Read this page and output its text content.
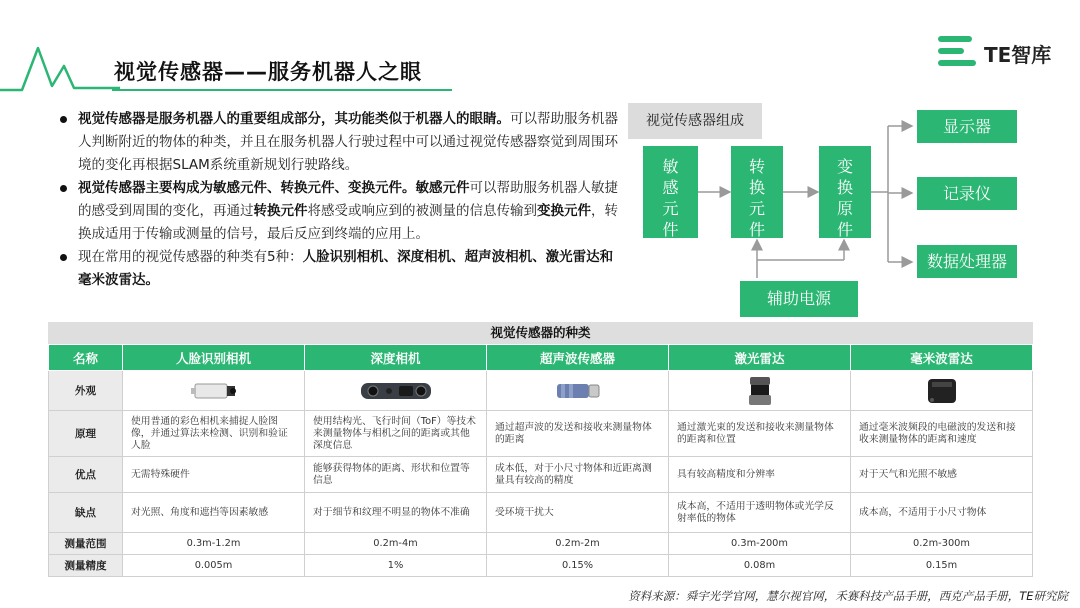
视觉传感器——服务机器人之眼
TE智库
视觉传感器是服务机器人的重要组成部分，其功能类似于机器人的眼睛。可以帮助服务机器人判断附近的物体的种类，并且在服务机器人行驶过程中可以通过视觉传感器察觉到周围环境的变化再根据SLAM系统重新规划行驶路线。
视觉传感器主要构成为敏感元件、转换元件、变换元件。敏感元件可以帮助服务机器人敏捷的感受到周围的变化，再通过转换元件将感受或响应到的被测量的信息传输到变换元件，转换成适用于传输或测量的信号，最后反应到终端的应用上。
现在常用的视觉传感器的种类有5种：人脸识别相机、深度相机、超声波相机、激光雷达和毫米波雷达。
视觉传感器组成
敏感元件
转换元件
变换原件
辅助电源
显示器
记录仪
数据处理器
视觉传感器的种类
名称	人脸识别相机	深度相机	超声波传感器	激光雷达	毫米波雷达
外观					
原理	使用普通的彩色相机来捕捉人脸图像，并通过算法来检测、识别和验证人脸	使用结构光、飞行时间（ToF）等技术来测量物体与相机之间的距离或其他深度信息	通过超声波的发送和接收来测量物体的距离	通过激光束的发送和接收来测量物体的距离和位置	通过毫米波频段的电磁波的发送和接收来测量物体的距离和速度
优点	无需特殊硬件	能够获得物体的距离、形状和位置等信息	成本低，对于小尺寸物体和近距离测量具有较高的精度	具有较高精度和分辨率	对于天气和光照不敏感
缺点	对光照、角度和遮挡等因素敏感	对于细节和纹理不明显的物体不准确	受环境干扰大	成本高，不适用于透明物体或光学反射率低的物体	成本高，不适用于小尺寸物体
测量范围	0.3m-1.2m	0.2m-4m	0.2m-2m	0.3m-200m	0.2m-300m
测量精度	0.005m	1%	0.15%	0.08m	0.15m
资料来源：舜宇光学官网，慧尔视官网，禾赛科技产品手册，西克产品手册，TE研究院
